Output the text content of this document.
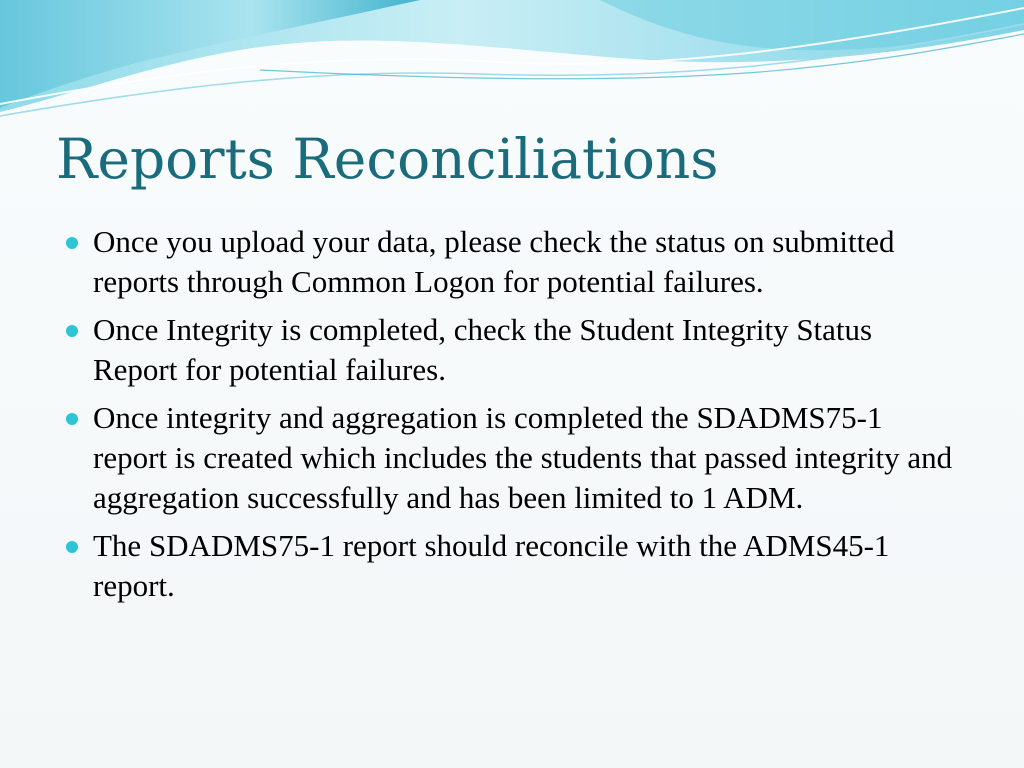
Reports Reconciliations
Once you upload your data, please check the status on submitted reports through Common Logon for potential failures.
Once Integrity is completed, check the Student Integrity Status Report for potential failures.
Once integrity and aggregation is completed the SDADMS75-1 report is created which includes the students that passed integrity and aggregation successfully and has been limited to 1 ADM.
The SDADMS75-1 report should reconcile with the ADMS45-1 report.
